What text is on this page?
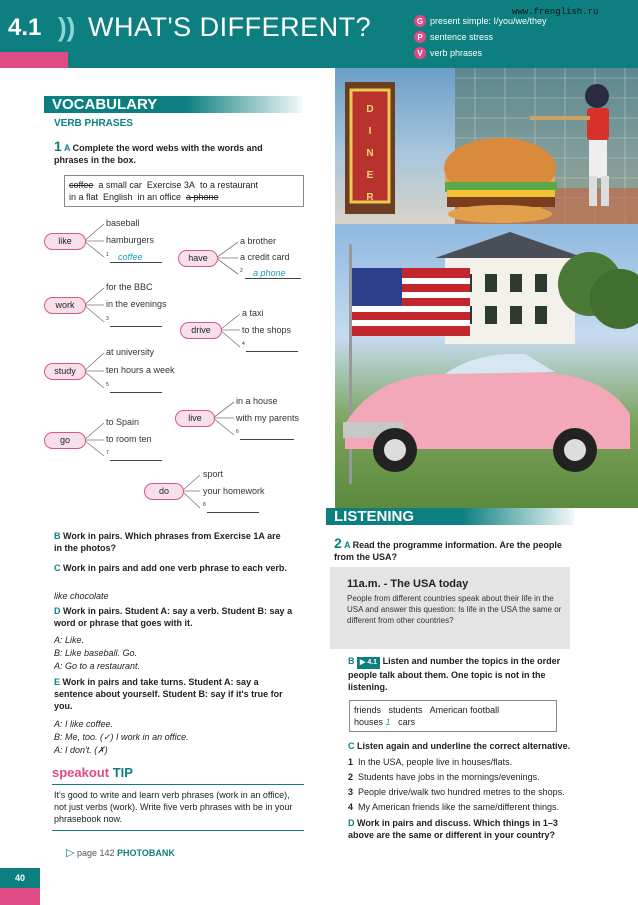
4.1 )) WHAT'S DIFFERENT?	G present simple: I/you/we/they
P sentence stress
V verb phrases
www.frenglish.ru
VOCABULARY
VERB PHRASES
1 A Complete the word webs with the words and phrases in the box.
coffee a small car Exercise 3A to a restaurant
in a flat English in an office a phone
like
baseball
hamburgers
1	coffee	have
a brother
a credit card
2	a phone
work
for the BBC
in the evenings
3
drive
a taxi
to the shops
4
study
at university
ten hours a week
5
live
in a house
with my parents
6
go
to Spain
to room ten
7
do
sport
your homework
8
B Work in pairs. Which phrases from Exercise 1A are in the photos?
C Work in pairs and add one verb phrase to each verb.
like chocolate
D Work in pairs. Student A: say a verb. Student B: say a word or phrase that goes with it.
A: Like.
B: Like baseball. Go.
A: Go to a restaurant.
E Work in pairs and take turns. Student A: say a sentence about yourself. Student B: say if it's true for you.
A: I like coffee.
B: Me, too. (✓) I work in an office.
A: I don't. (✗)
speakout TIP
It's good to write and learn verb phrases (work in an office), not just verbs (work). Write five verb phrases with be in your phrasebook now.
▷ page 142 PHOTOBANK
D I N E R
LISTENING
2 A Read the programme information. Are the people from the USA?
11a.m. - The USA today
People from different countries speak about their life in the USA and answer this question: Is life in the USA the same or different from other countries?
B ▶ 4.1 Listen and number the topics in the order people talk about them. One topic is not in the listening.
friends students American football
houses 1 cars
C Listen again and underline the correct alternative.
1 In the USA, people live in houses/flats.
2 Students have jobs in the mornings/evenings.
3 People drive/walk two hundred metres to the shops.
4 My American friends like the same/different things.
D Work in pairs and discuss. Which things in 1–3 above are the same or different in your country?
40
